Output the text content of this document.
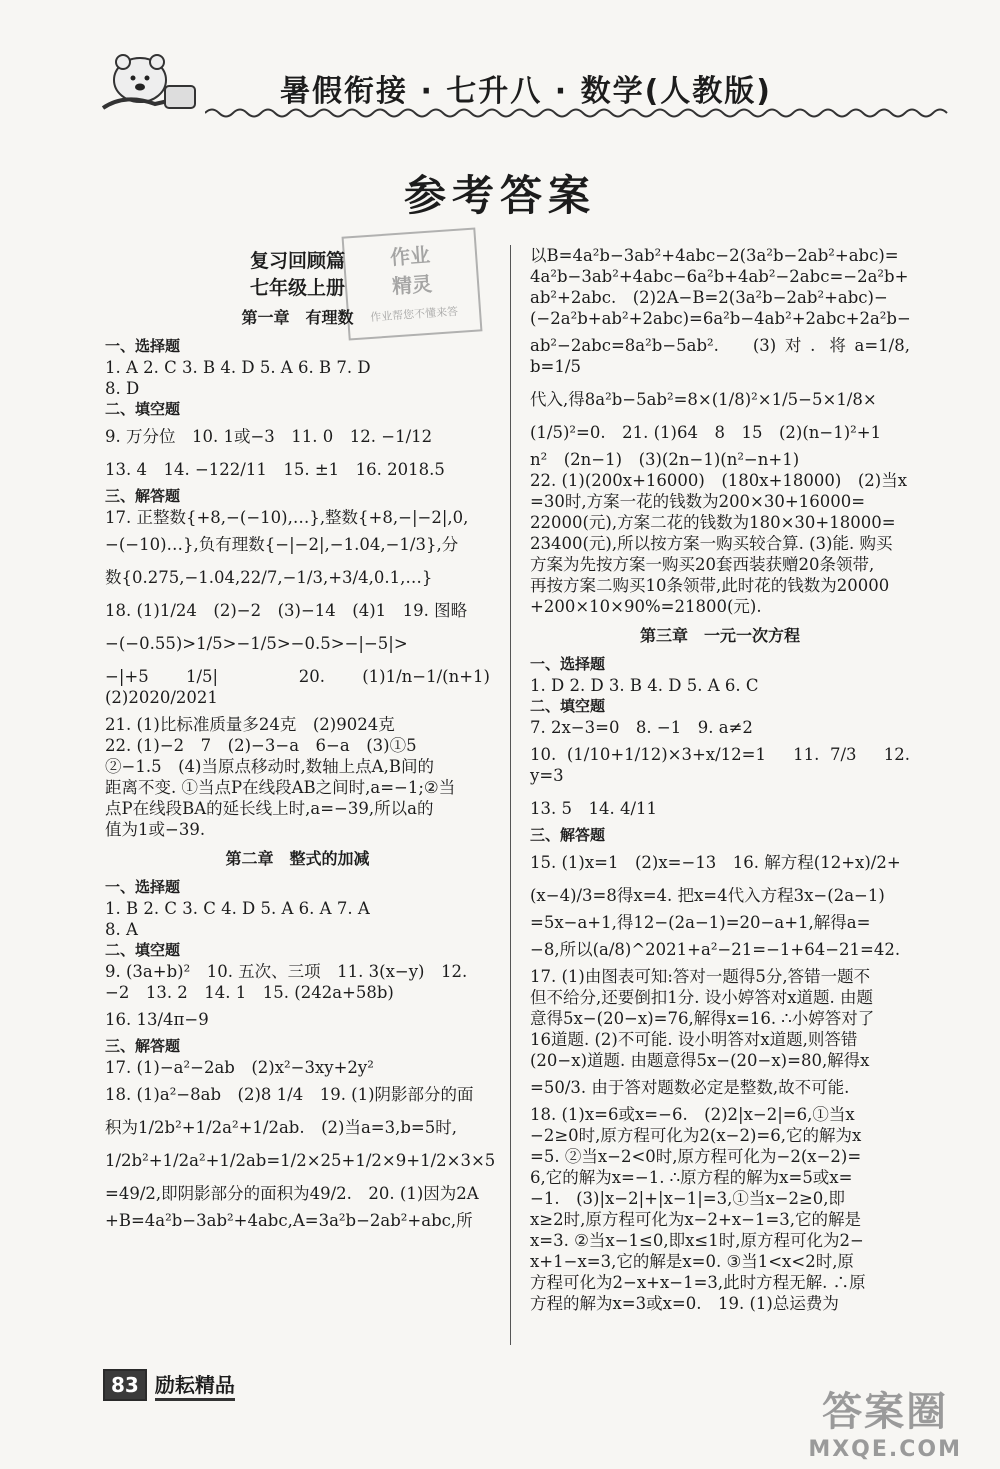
暑假衔接 · 七升八 · 数学(人教版)
参考答案
作业
精灵
作业帮您不懂来答
复习回顾篇
七年级上册
第一章　有理数
一、选择题
1. A 2. C 3. B 4. D 5. A 6. B 7. D
8. D
二、填空题
9. 万分位　10. 1或−3　11. 0　12. −1/12
13. 4　14. −122/11　15. ±1　16. 2018.5
三、解答题
17. 正整数{+8,−(−10),…},整数{+8,−|−2|,0,
−(−10)…},负有理数{−|−2|,−1.04,−1/3},分
数{0.275,−1.04,22/7,−1/3,+3/4,0.1,…}
18. (1)1/24　(2)−2　(3)−14　(4)1　19. 图略
−(−0.55)>1/5>−1/5>−0.5>−|−5|>
−|+5 1/5|　20. (1)1/n−1/(n+1)　(2)2020/2021
21. (1)比标准质量多24克　(2)9024克
22. (1)−2　7　(2)−3−a　6−a　(3)①5
②−1.5　(4)当原点移动时,数轴上点A,B间的
距离不变. ①当点P在线段AB之间时,a=−1;②当
点P在线段BA的延长线上时,a=−39,所以a的
值为1或−39.
第二章　整式的加减
一、选择题
1. B 2. C 3. C 4. D 5. A 6. A 7. A
8. A
二、填空题
9. (3a+b)²　10. 五次、三项　11. 3(x−y)　12.
−2　13. 2　14. 1　15. (242a+58b)
16. 13/4π−9
三、解答题
17. (1)−a²−2ab　(2)x²−3xy+2y²
18. (1)a²−8ab　(2)8 1/4　19. (1)阴影部分的面
积为1/2b²+1/2a²+1/2ab.　(2)当a=3,b=5时,
1/2b²+1/2a²+1/2ab=1/2×25+1/2×9+1/2×3×5
=49/2,即阴影部分的面积为49/2.　20. (1)因为2A
+B=4a²b−3ab²+4abc,A=3a²b−2ab²+abc,所
以B=4a²b−3ab²+4abc−2(3a²b−2ab²+abc)=
4a²b−3ab²+4abc−6a²b+4ab²−2abc=−2a²b+
ab²+2abc.　(2)2A−B=2(3a²b−2ab²+abc)−
(−2a²b+ab²+2abc)=6a²b−4ab²+2abc+2a²b−
ab²−2abc=8a²b−5ab².　(3)对. 将a=1/8, b=1/5
代入,得8a²b−5ab²=8×(1/8)²×1/5−5×1/8×
(1/5)²=0.　21. (1)64　8　15　(2)(n−1)²+1
n²　(2n−1)　(3)(2n−1)(n²−n+1)
22. (1)(200x+16000)　(180x+18000)　(2)当x
=30时,方案一花的钱数为200×30+16000=
22000(元),方案二花的钱数为180×30+18000=
23400(元),所以按方案一购买较合算. (3)能. 购买
方案为先按方案一购买20套西装获赠20条领带,
再按方案二购买10条领带,此时花的钱数为20000
+200×10×90%=21800(元).
第三章　一元一次方程
一、选择题
1. D 2. D 3. B 4. D 5. A 6. C
二、填空题
7. 2x−3=0　8. −1　9. a≠2
10. (1/10+1/12)×3+x/12=1　11. 7/3　12. y=3
13. 5　14. 4/11
三、解答题
15. (1)x=1　(2)x=−13　16. 解方程(12+x)/2+
(x−4)/3=8得x=4. 把x=4代入方程3x−(2a−1)
=5x−a+1,得12−(2a−1)=20−a+1,解得a=
−8,所以(a/8)^2021+a²−21=−1+64−21=42.
17. (1)由图表可知:答对一题得5分,答错一题不
但不给分,还要倒扣1分. 设小婷答对x道题. 由题
意得5x−(20−x)=76,解得x=16. ∴小婷答对了
16道题. (2)不可能. 设小明答对x道题,则答错
(20−x)道题. 由题意得5x−(20−x)=80,解得x
=50/3. 由于答对题数必定是整数,故不可能.
18. (1)x=6或x=−6.　(2)2|x−2|=6,①当x
−2≥0时,原方程可化为2(x−2)=6,它的解为x
=5. ②当x−2<0时,原方程可化为−2(x−2)=
6,它的解为x=−1. ∴原方程的解为x=5或x=
−1.　(3)|x−2|+|x−1|=3,①当x−2≥0,即
x≥2时,原方程可化为x−2+x−1=3,它的解是
x=3. ②当x−1≤0,即x≤1时,原方程可化为2−
x+1−x=3,它的解是x=0. ③当1<x<2时,原
方程可化为2−x+x−1=3,此时方程无解. ∴原
方程的解为x=3或x=0.　19. (1)总运费为
83 励耘精品
答案圈
MXQE.COM
